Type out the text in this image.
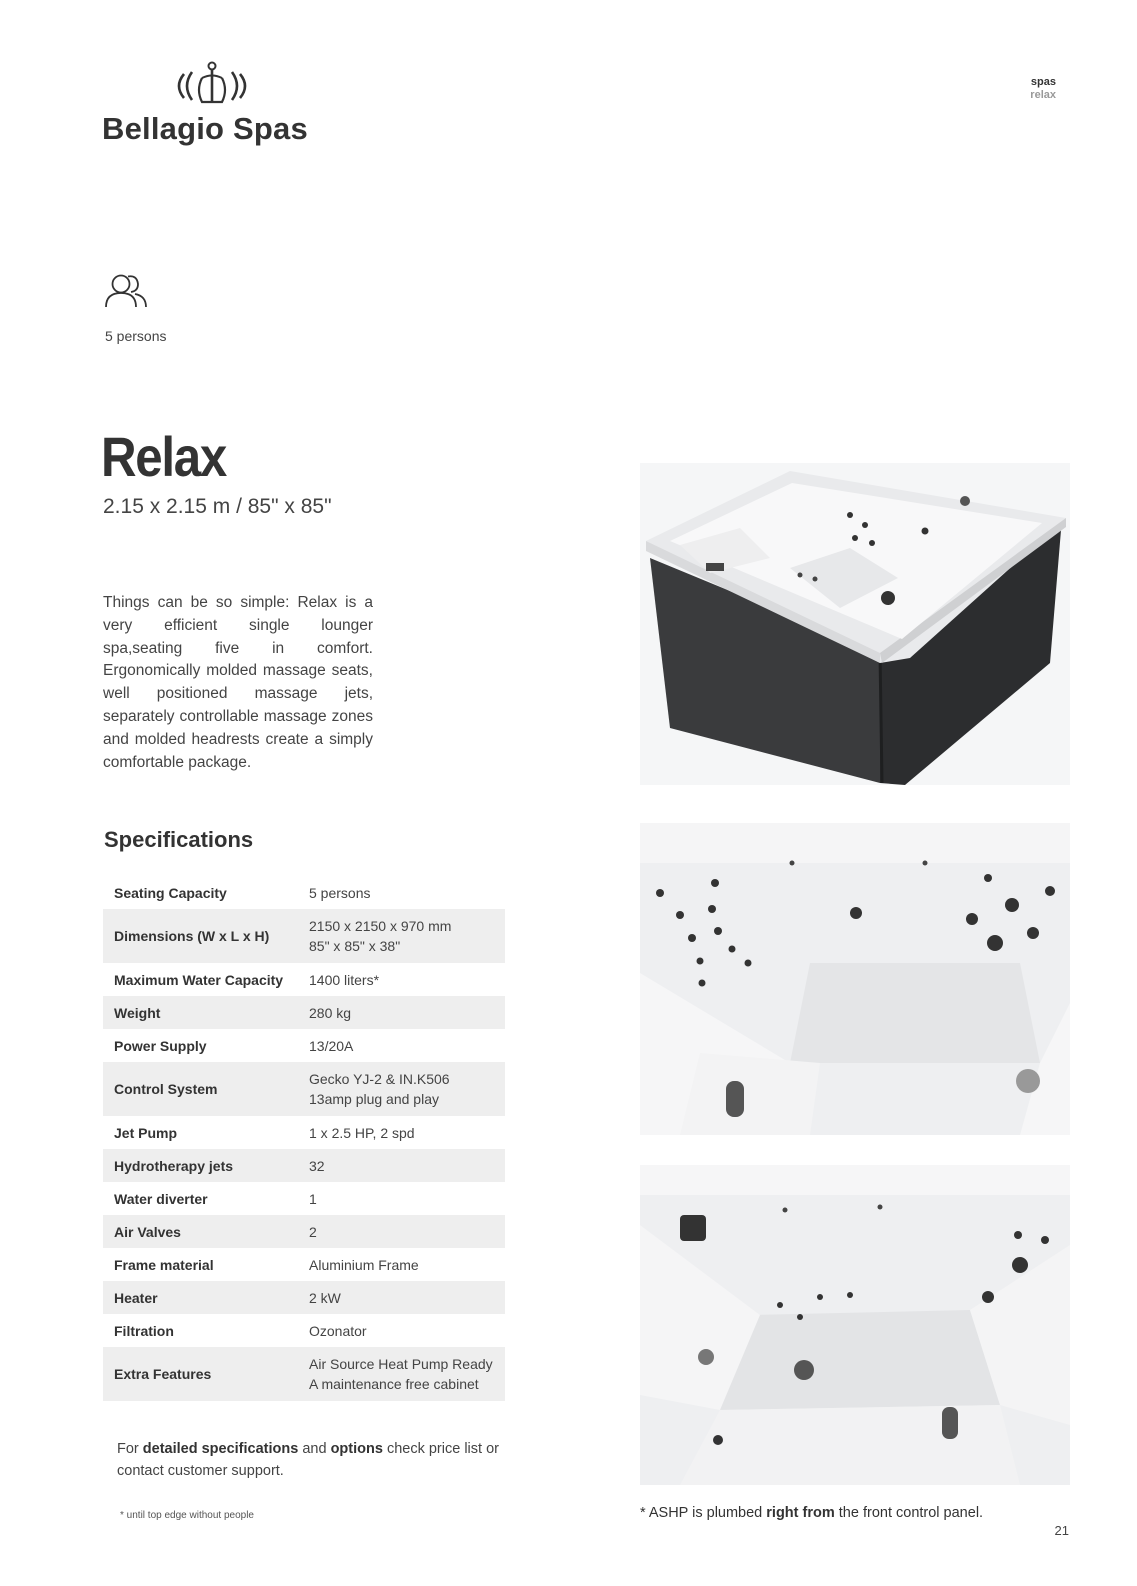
Bellagio Spas
spas
relax
5 persons
Relax
2.15 x 2.15 m / 85" x 85"

Things can be so simple: Relax is a very efficient single lounger spa,seating five in comfort. Ergonomically molded massage seats, well positioned massage jets, separately controllable massage zones and molded headrests create a simply comfortable package.

Specifications
Seating Capacity	5 persons
Dimensions (W x L x H)	2150 x 2150 x 970 mm
85" x 85" x 38"

Maximum Water Capacity	1400 liters*
Weight	280 kg
Power Supply	13/20A
Control System	Gecko YJ-2 & IN.K506
13amp plug and play

Jet Pump	1 x 2.5 HP, 2 spd
Hydrotherapy jets	32
Water diverter	1
Air Valves	2
Frame material	Aluminium Frame
Heater	2 kW
Filtration	Ozonator
Extra Features	Air Source Heat Pump Ready
A maintenance free cabinet
For detailed specifications and options check price list or contact customer support.
* until top edge without people	* ASHP is plumbed right from the front control panel.
21
